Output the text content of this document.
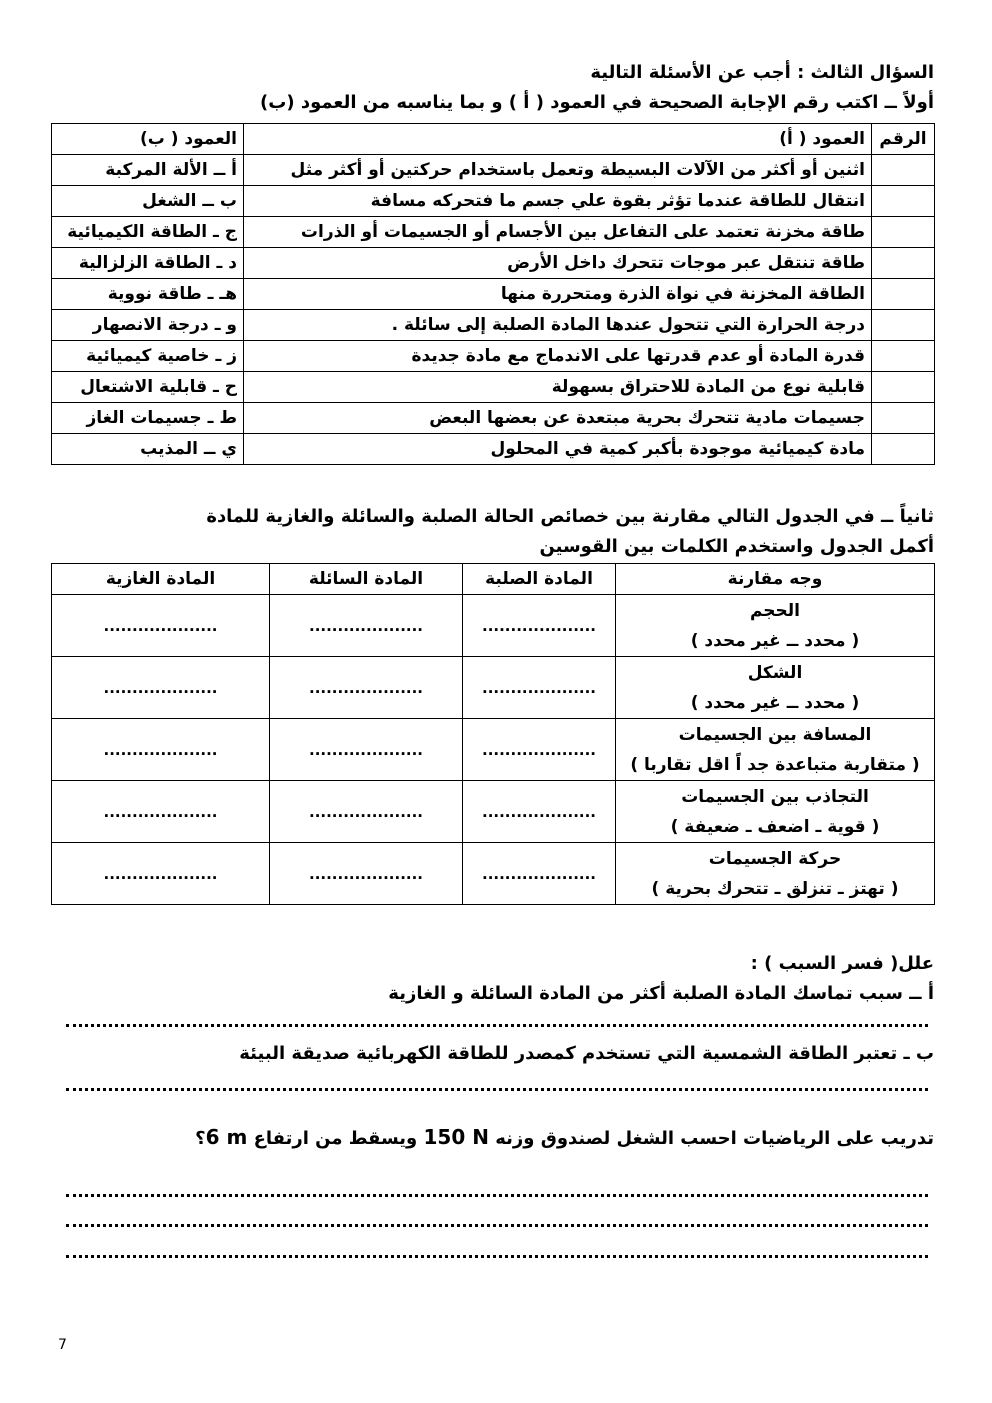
السؤال الثالث : أجب عن الأسئلة التالية
أولاً ــ اكتب رقم الإجابة الصحيحة في العمود ( أ ) و بما يناسبه من العمود (ب)
الرقم	العمود ( أ)	العمود ( ب)
	اثنين أو أكثر من الآلات البسيطة وتعمل باستخدام حركتين أو أكثر مثل	أ ــ الألة المركبة
	انتقال للطاقة عندما تؤثر بقوة علي جسم ما فتحركه مسافة	ب ــ الشغل
	طاقة مخزنة تعتمد على التفاعل بين الأجسام أو الجسيمات أو الذرات	ج ـ الطاقة الكيميائية
	طاقة تنتقل عبر موجات تتحرك داخل الأرض	د ـ الطاقة الزلزالية
	الطاقة المخزنة في نواة الذرة ومتحررة منها	هـ ـ طاقة نووية
	درجة الحرارة التي تتحول عندها المادة الصلبة إلى سائلة .	و ـ درجة الانصهار
	قدرة المادة أو عدم قدرتها على الاندماج مع مادة جديدة	ز ـ خاصية كيميائية
	قابلية نوع من المادة للاحتراق بسهولة	ح ـ قابلية الاشتعال
	جسيمات مادية تتحرك بحرية مبتعدة عن بعضها البعض	ط ـ جسيمات الغاز
	مادة كيميائية موجودة بأكبر كمية في المحلول	ي ــ المذيب
ثانياً ــ في الجدول التالي مقارنة بين خصائص الحالة الصلبة والسائلة والغازية للمادة
أكمل الجدول واستخدم الكلمات بين القوسين
وجه مقارنة	المادة الصلبة	المادة السائلة	المادة الغازية

الحجم
( محدد ــ غير محدد )	....................	....................	....................

الشكل
( محدد ــ غير محدد )	....................	....................	....................

المسافة بين الجسيمات
( متقاربة متباعدة جد اً اقل تقاربا )	....................	....................	....................

التجاذب بين الجسيمات
( قوية ـ اضعف ـ ضعيفة )	....................	....................	....................

حركة الجسيمات
( تهتز ـ تنزلق ـ تتحرك بحرية )	....................	....................	....................
علل( فسر السبب ) :
أ ــ سبب تماسك المادة الصلبة أكثر من المادة السائلة و الغازية
ب ـ تعتبر الطاقة الشمسية التي تستخدم كمصدر للطاقة الكهربائية صديقة البيئة
تدريب على الرياضيات احسب الشغل لصندوق وزنه 150 N ويسقط من ارتفاع 6 m؟
7
